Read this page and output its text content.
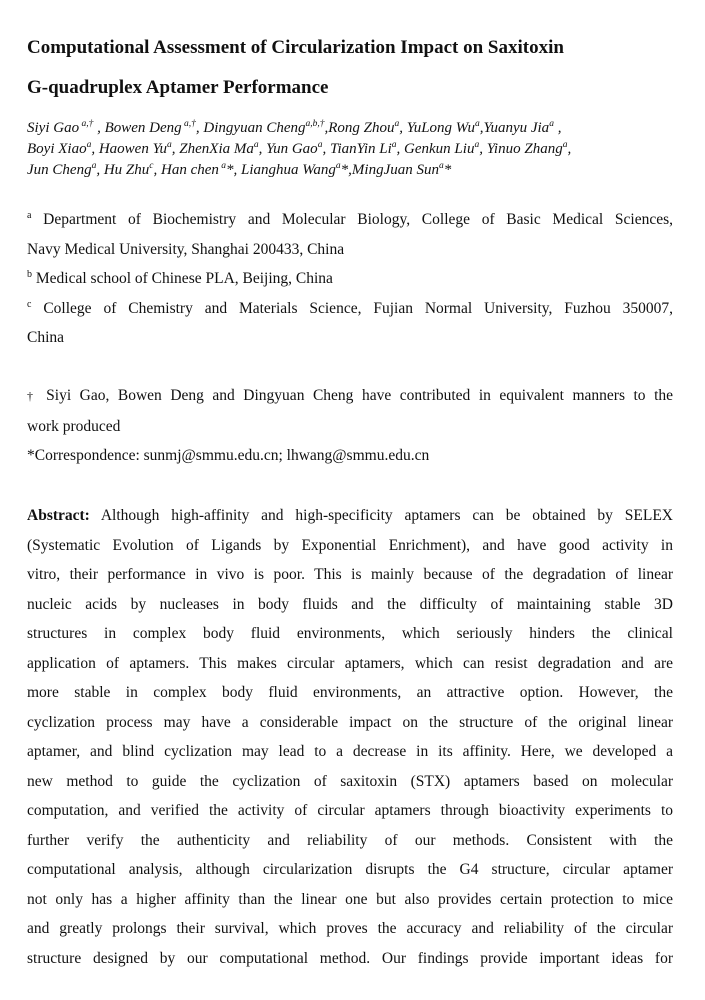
Computational Assessment of Circularization Impact on Saxitoxin
G-quadruplex Aptamer Performance
Siyi Gao $^{a,\dagger}$ , Bowen Deng $^{a,\dagger}$, Dingyuan Cheng$^{a,b,\dagger}$,Rong Zhou$^a$, YuLong Wu$^a$,Yuanyu Jia$^a$ ,
Boyi Xiao$^a$, Haowen Yu$^a$, ZhenXia Ma$^a$, Yun Gao$^a$, TianYin Li$^a$, Genkun Liu$^a$, Yinuo Zhang$^a$,
Jun Cheng$^a$, Hu Zhu$^c$, Han chen $^a$*, Lianghua Wang$^a$*,MingJuan Sun$^a$*
$^a$ Department of Biochemistry and Molecular Biology, College of Basic Medical Sciences,
Navy Medical University, Shanghai 200433, China
$^b$ Medical school of Chinese PLA, Beijing, China
$^c$ College of Chemistry and Materials Science, Fujian Normal University, Fuzhou 350007,
China
† Siyi Gao, Bowen Deng and Dingyuan Cheng have contributed in equivalent manners to the
work produced
*Correspondence: sunmj@smmu.edu.cn; lhwang@smmu.edu.cn
Abstract: Although high-affinity and high-specificity aptamers can be obtained by SELEX
(Systematic Evolution of Ligands by Exponential Enrichment), and have good activity in
vitro, their performance in vivo is poor. This is mainly because of the degradation of linear
nucleic acids by nucleases in body fluids and the difficulty of maintaining stable 3D
structures in complex body fluid environments, which seriously hinders the clinical
application of aptamers. This makes circular aptamers, which can resist degradation and are
more stable in complex body fluid environments, an attractive option. However, the
cyclization process may have a considerable impact on the structure of the original linear
aptamer, and blind cyclization may lead to a decrease in its affinity. Here, we developed a
new method to guide the cyclization of saxitoxin (STX) aptamers based on molecular
computation, and verified the activity of circular aptamers through bioactivity experiments to
further verify the authenticity and reliability of our methods. Consistent with the
computational analysis, although circularization disrupts the G4 structure, circular aptamer
not only has a higher affinity than the linear one but also provides certain protection to mice
and greatly prolongs their survival, which proves the accuracy and reliability of the circular
structure designed by our computational method. Our findings provide important ideas for
